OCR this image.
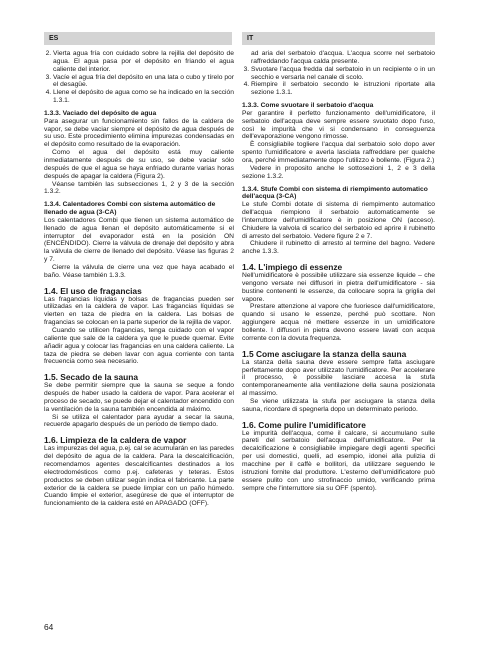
ES	IT
2. Vierta agua fría con cuidado sobre la rejilla del depósito de agua. El agua pasa por el depósito en friando el agua caliente del interior.
3. Vacíe el agua fría del depósito en una lata o cubo y tírelo por el desagüe.
4. Llene el depósito de agua como se ha indicado en la sección 1.3.1.
1.3.3. Vaciado del depósito de agua

Para asegurar un funcionamiento sin fallos de la caldera de vapor, se debe vaciar siempre el depósito de agua después de su uso. Este procedimiento elimina impurezas condensadas en el depósito como resultado de la evaporación.

Como el agua del depósito está muy caliente inmediatamente después de su uso, se debe vaciar sólo después de que el agua se haya enfriado durante varias horas después de apagar la caldera (Figura 2).

Véanse también las subsecciones 1, 2 y 3 de la sección 1.3.2.

1.3.4. Calentadores Combi con sistema automático de llenado de agua (3-CA)

Los calentadores Combi que tienen un sistema automático de llenado de agua llenan el depósito automáticamente si el interruptor del evaporador está en la posición ON (ENCENDIDO). Cierre la válvula de drenaje del depósito y abra la válvula de cierre de llenado del depósito. Véase las figuras 2 y 7.

Cierre la válvula de cierre una vez que haya acabado el baño. Véase también 1.3.3.

1.4. El uso de fragancias

Las fragancias líquidas y bolsas de fragancias pueden ser utilizadas en la caldera de vapor. Las fragancias líquidas se vierten en taza de piedra en la caldera. Las bolsas de fragancias se colocan en la parte superior de la rejilla de vapor.

Cuando se utilicen fragancias, tenga cuidado con el vapor caliente que sale de la caldera ya que le puede quemar. Evite añadir agua y colocar las fragancias en una caldera caliente. La taza de piedra se deben lavar con agua corriente con tanta frecuencia como sea necesario.

1.5. Secado de la sauna

Se debe permitir siempre que la sauna se seque a fondo después de haber usado la caldera de vapor. Para acelerar el proceso de secado, se puede dejar el calentador encendido con la ventilación de la sauna también encendida al máximo.

Si se utiliza el calentador para ayudar a secar la sauna, recuerde apagarlo después de un periodo de tiempo dado.

1.6. Limpieza de la caldera de vapor

Las impurezas del agua, p.ej. cal se acumularán en las paredes del depósito de agua de la caldera. Para la descalcificación, recomendamos agentes descalcificantes destinados a los electrodomésticos como p.ej. cafeteras y teteras. Estos productos se deben utilizar según indica el fabricante. La parte exterior de la caldera se puede limpiar con un paño húmedo. Cuando limpie el exterior, asegúrese de que el interruptor de funcionamiento de la caldera esté en APAGADO (OFF).

ad aria del serbatoio d'acqua. L'acqua scorre nel serbatoio raffreddando l'acqua calda presente.

3. Svuotare l'acqua fredda dal serbatoio in un recipiente o in un secchio e versarla nel canale di scolo.
4. Riempire il serbatoio secondo le istruzioni riportate alla sezione 1.3.1.
1.3.3. Come svuotare il serbatoio d'acqua

Per garantire il perfetto funzionamento dell'umidificatore, il serbatoio dell'acqua deve sempre essere svuotato dopo l'uso, così le impurità che vi si condensano in conseguenza dell'evaporazione vengono rimosse.

È consigliabile togliere l'acqua dal serbatoio solo dopo aver spento l'umidificatore e averla lasciata raffreddare per qualche ora, perché immediatamente dopo l'utilizzo è bollente. (Figura 2.)

Vedere in proposito anche le sottosezioni 1, 2 e 3 della sezione 1.3.2.

1.3.4. Stufe Combi con sistema di riempimento automatico dell'acqua (3-CA)

Le stufe Combi dotate di sistema di riempimento automatico dell'acqua riempiono il serbatoio automaticamente se l'interruttore dell'umidificatore è in posizione ON (acceso). Chiudere la valvola di scarico del serbatoio ed aprire il rubinetto di arresto del serbatoio. Vedere figure 2 e 7.

Chiudere il rubinetto di arresto al termine del bagno. Vedere anche 1.3.3.

1.4. L'impiego di essenze

Nell'umidificatore è possibile utilizzare sia essenze liquide – che vengono versate nei diffusori in pietra dell'umidificatore - sia bustine contenenti le essenze, da collocare sopra la griglia del vapore.

Prestare attenzione al vapore che fuoriesce dall'umidificatore, quando si usano le essenze, perché può scottare. Non aggiungere acqua né mettere essenze in un umidificatore bollente. I diffusori in pietra devono essere lavati con acqua corrente con la dovuta frequenza.

1.5 Come asciugare la stanza della sauna

La stanza della sauna deve essere sempre fatta asciugare perfettamente dopo aver utilizzato l'umidificatore. Per accelerare il processo, è possibile lasciare accesa la stufa contemporaneamente alla ventilazione della sauna posizionata al massimo.

Se viene utilizzata la stufa per asciugare la stanza della sauna, ricordare di spegnerla dopo un determinato periodo.

1.6. Come pulire l'umidificatore

Le impurità dell'acqua, come il calcare, si accumulano sulle pareti del serbatoio dell'acqua dell'umidificatore. Per la decalcificazione è consigliabile impiegare degli agenti specifici per usi domestici, quelli, ad esempio, idonei alla pulizia di macchine per il caffè e bollitori, da utilizzare seguendo le istruzioni fornite dal produttore. L'esterno dell'umidificatore può essere pulito con uno strofinaccio umido, verificando prima sempre che l'interruttore sia su OFF (spento).

64
